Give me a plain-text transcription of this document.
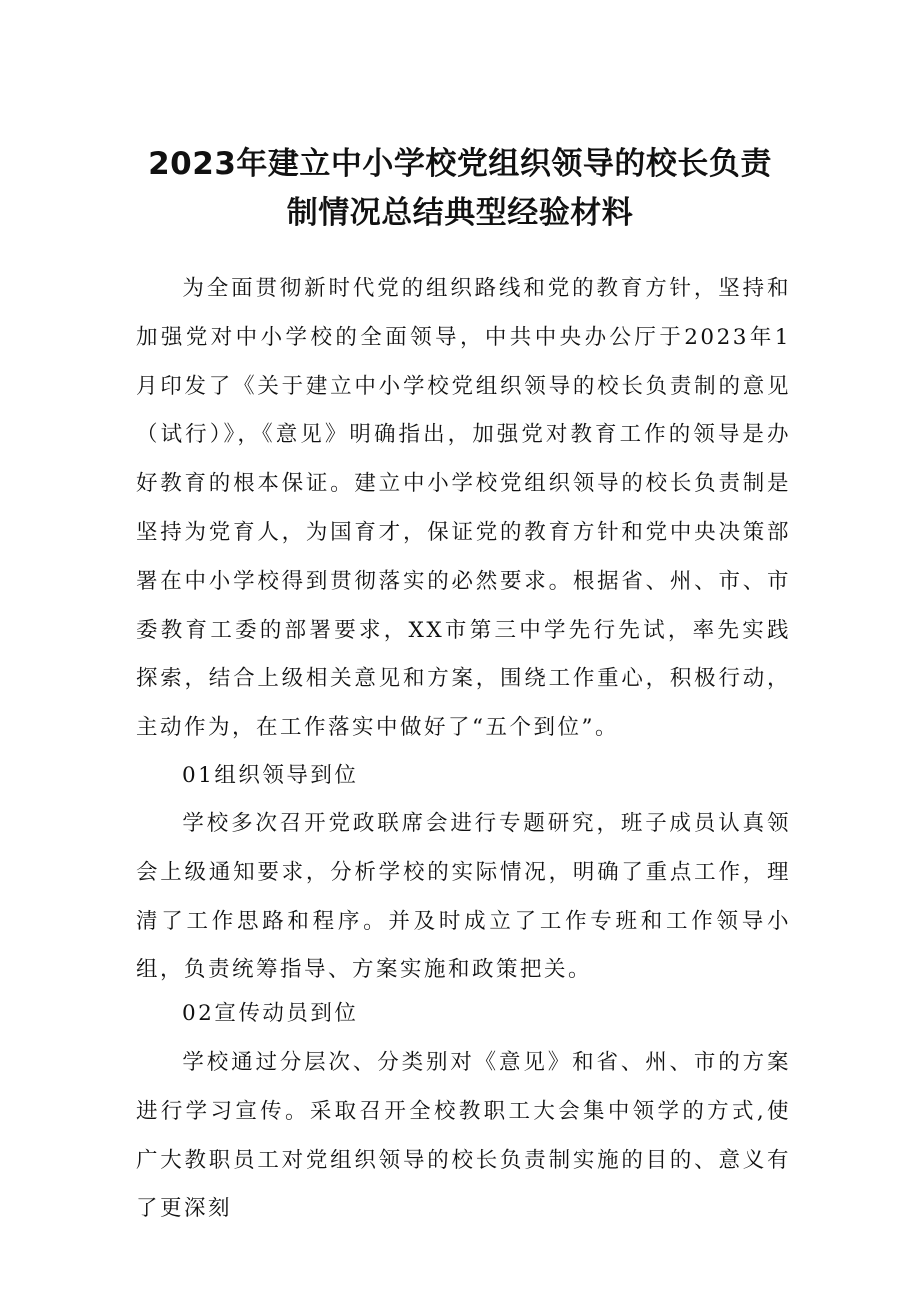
2023年建立中小学校党组织领导的校长负责
制情况总结典型经验材料

为全面贯彻新时代党的组织路线和党的教育方针，坚持和加强党对中小学校的全面领导，中共中央办公厅于2023年1月印发了《关于建立中小学校党组织领导的校长负责制的意见（试行）》，《意见》明确指出，加强党对教育工作的领导是办好教育的根本保证。建立中小学校党组织领导的校长负责制是坚持为党育人，为国育才，保证党的教育方针和党中央决策部署在中小学校得到贯彻落实的必然要求。根据省、州、市、市委教育工委的部署要求，XX市第三中学先行先试，率先实践探索，结合上级相关意见和方案，围绕工作重心，积极行动，主动作为，在工作落实中做好了“五个到位”。

01组织领导到位

学校多次召开党政联席会进行专题研究，班子成员认真领会上级通知要求，分析学校的实际情况，明确了重点工作，理清了工作思路和程序。并及时成立了工作专班和工作领导小组，负责统筹指导、方案实施和政策把关。

02宣传动员到位

学校通过分层次、分类别对《意见》和省、州、市的方案进行学习宣传。采取召开全校教职工大会集中领学的方式,使广大教职员工对党组织领导的校长负责制实施的目的、意义有了更深刻
